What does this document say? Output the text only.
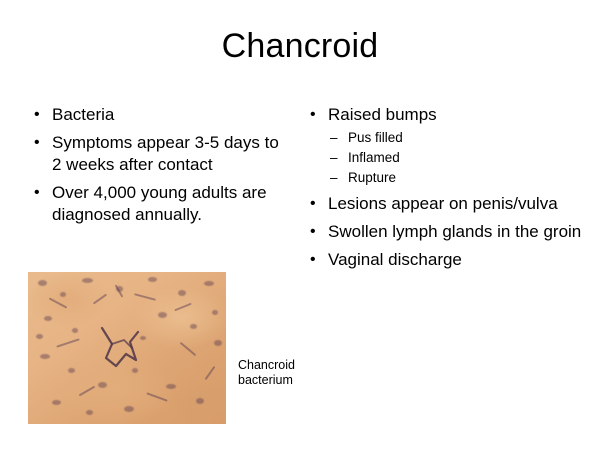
Chancroid
• Bacteria
• Symptoms appear 3-5 days to 2 weeks after contact
• Over 4,000 young adults are diagnosed annually.
• Raised bumps
– Pus filled
– Inflamed
– Rupture
• Lesions appear on penis/vulva
• Swollen lymph glands in the groin
• Vaginal discharge
Chancroid bacterium
